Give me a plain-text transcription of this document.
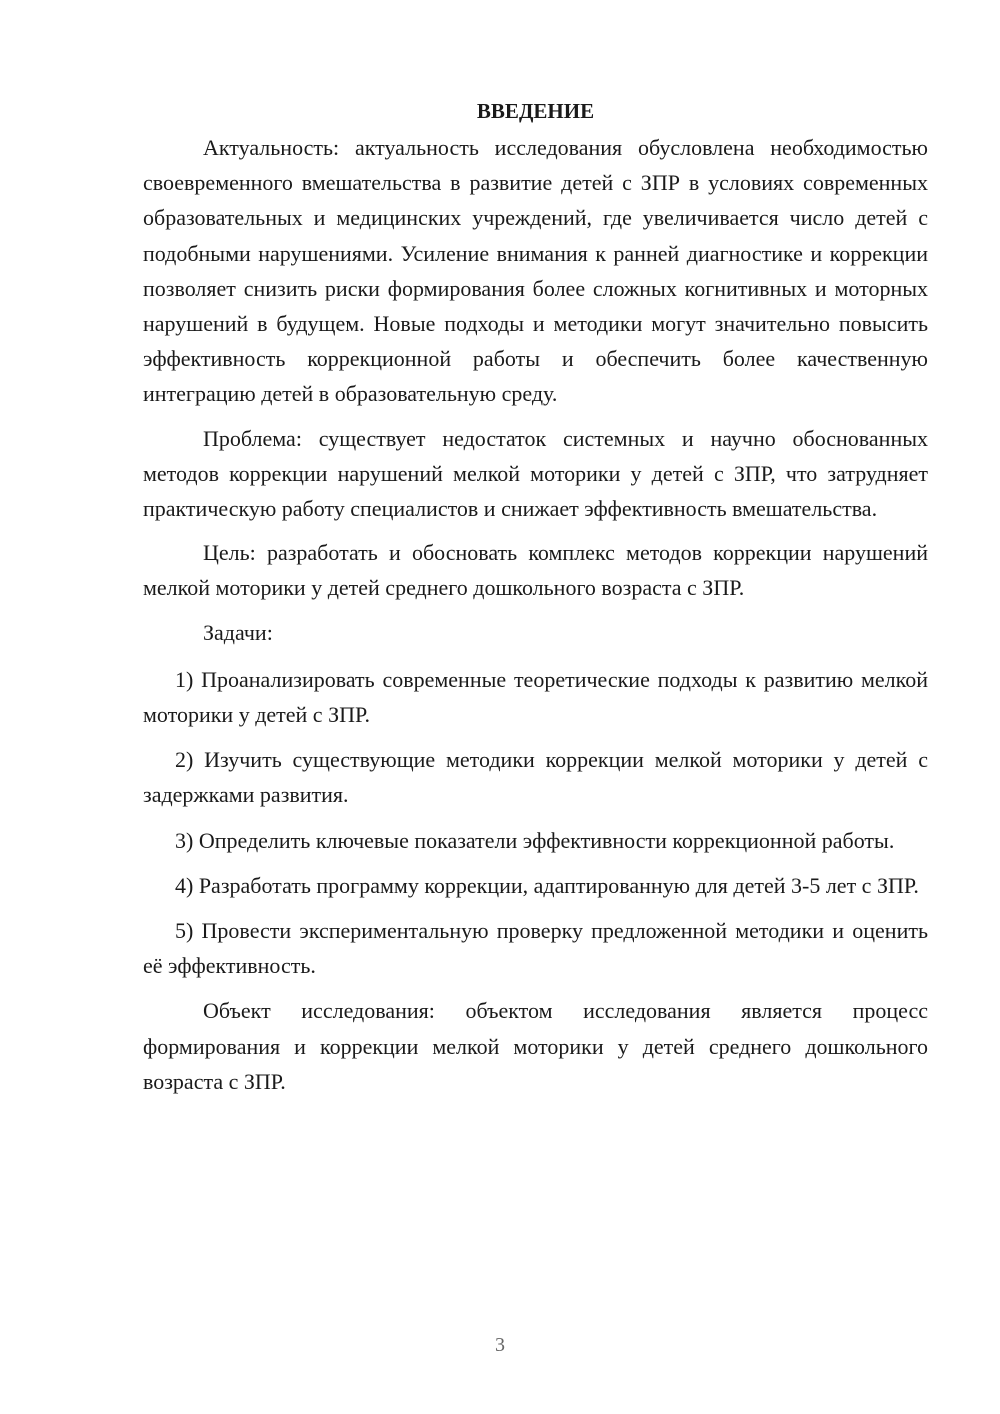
ВВЕДЕНИЕ

Актуальность: актуальность исследования обусловлена необходимостью своевременного вмешательства в развитие детей с ЗПР в условиях современных образовательных и медицинских учреждений, где увеличивается число детей с подобными нарушениями. Усиление внимания к ранней диагностике и коррекции позволяет снизить риски формирования более сложных когнитивных и моторных нарушений в будущем. Новые подходы и методики могут значительно повысить эффективность коррекционной работы и обеспечить более качественную интеграцию детей в образовательную среду.

Проблема: существует недостаток системных и научно обоснованных методов коррекции нарушений мелкой моторики у детей с ЗПР, что затрудняет практическую работу специалистов и снижает эффективность вмешательства.

Цель: разработать и обосновать комплекс методов коррекции нарушений мелкой моторики у детей среднего дошкольного возраста с ЗПР.

Задачи:

1) Проанализировать современные теоретические подходы к развитию мелкой моторики у детей с ЗПР.

2) Изучить существующие методики коррекции мелкой моторики у детей с задержками развития.

3) Определить ключевые показатели эффективности коррекционной работы.

4) Разработать программу коррекции, адаптированную для детей 3-5 лет с ЗПР.

5) Провести экспериментальную проверку предложенной методики и оценить её эффективность.

Объект исследования: объектом исследования является процесс формирования и коррекции мелкой моторики у детей среднего дошкольного возраста с ЗПР.

3
